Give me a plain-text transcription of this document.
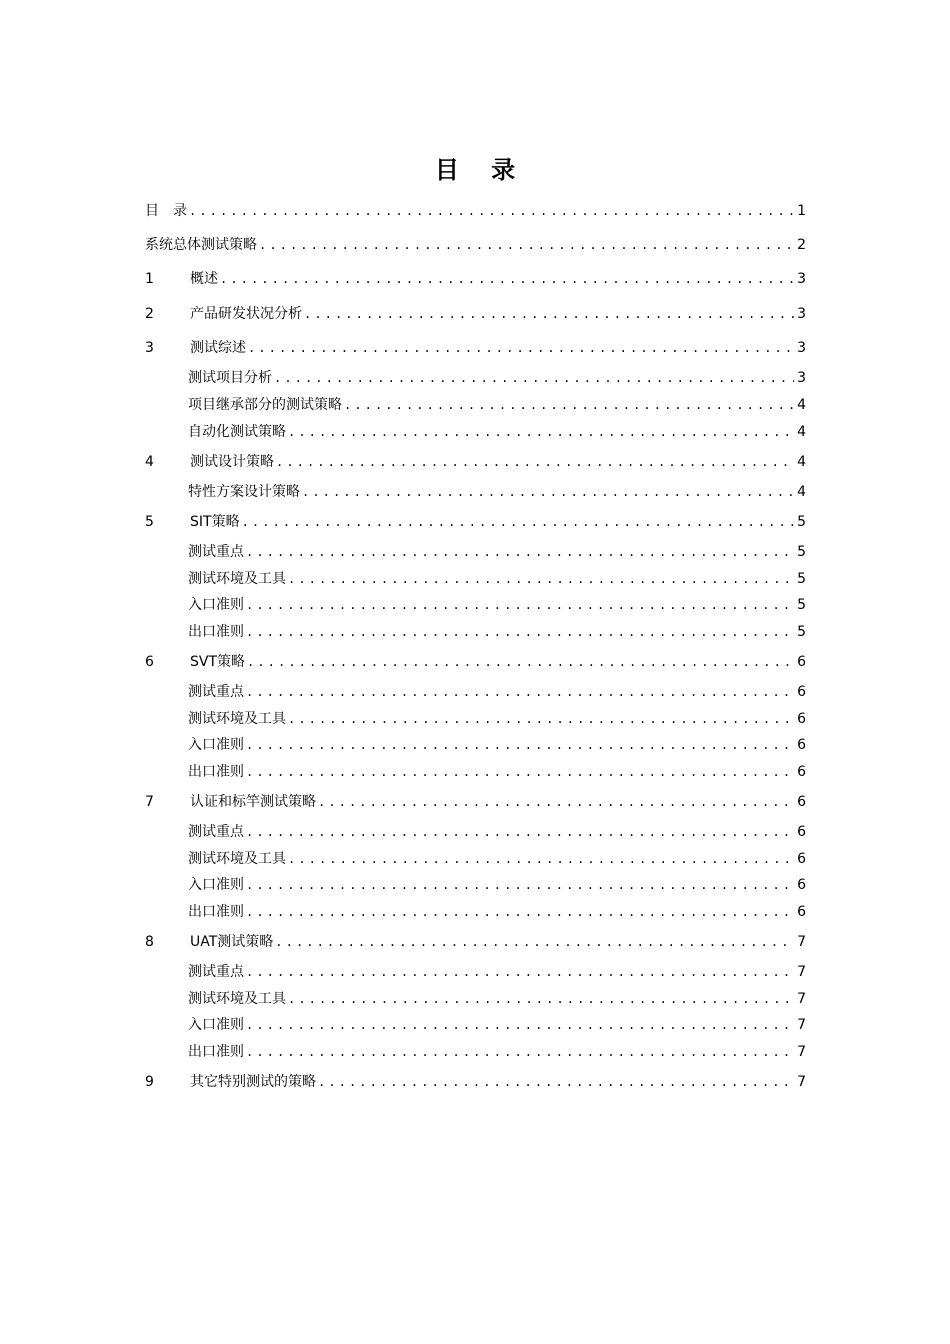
目 录
目　录 .....	1
系统总体测试策略 .....	2
1	概述 .....	3
2	产品研发状况分析 .....	3
3	测试综述 .....	3
测试项目分析 .....	3
项目继承部分的测试策略 .....	4
自动化测试策略 .....	4
4	测试设计策略 .....	4
特性方案设计策略 .....	4
5	SIT策略 .....	5
测试重点 .....	5
测试环境及工具 .....	5
入口准则 .....	5
出口准则 .....	5
6	SVT策略 .....	6
测试重点 .....	6
测试环境及工具 .....	6
入口准则 .....	6
出口准则 .....	6
7	认证和标竿测试策略 .....	6
测试重点 .....	6
测试环境及工具 .....	6
入口准则 .....	6
出口准则 .....	6
8	UAT测试策略 .....	7
测试重点 .....	7
测试环境及工具 .....	7
入口准则 .....	7
出口准则 .....	7
9	其它特别测试的策略 .....	7
